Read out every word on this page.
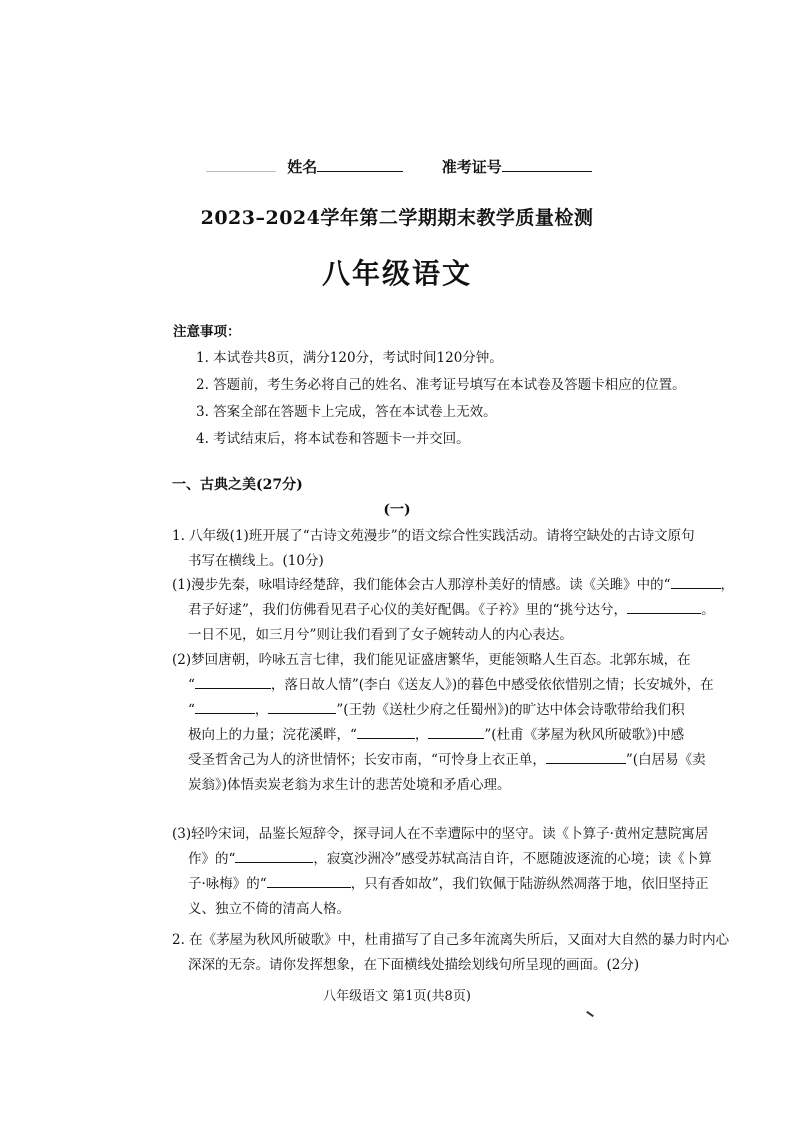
姓名	准考证号
2023–2024学年第二学期期末教学质量检测
八年级语文
注意事项：
1. 本试卷共8页，满分120分，考试时间120分钟。
2. 答题前，考生务必将自己的姓名、准考证号填写在本试卷及答题卡相应的位置。
3. 答案全部在答题卡上完成，答在本试卷上无效。
4. 考试结束后，将本试卷和答题卡一并交回。
一、古典之美(27分)
(一)
1. 八年级(1)班开展了“古诗文苑漫步”的语文综合性实践活动。请将空缺处的古诗文原句
书写在横线上。(10分)
(1)漫步先秦，咏唱诗经楚辞，我们能体会古人那淳朴美好的情感。读《关雎》中的“	，
君子好逑”，我们仿佛看见君子心仪的美好配偶。《子衿》里的“挑兮达兮，	。
一日不见，如三月兮”则让我们看到了女子婉转动人的内心表达。
(2)梦回唐朝，吟咏五言七律，我们能见证盛唐繁华，更能领略人生百态。北郭东城，在
“	，落日故人情”(李白《送友人》)的暮色中感受依依惜别之情；长安城外，在
“	，	”(王勃《送杜少府之任蜀州》)的旷达中体会诗歌带给我们积
极向上的力量；浣花溪畔，“	，	”(杜甫《茅屋为秋风所破歌》)中感
受圣哲舍己为人的济世情怀；长安市南，“可怜身上衣正单，	”(白居易《卖
炭翁》)体悟卖炭老翁为求生计的悲苦处境和矛盾心理。
(3)轻吟宋词，品鉴长短辞令，探寻词人在不幸遭际中的坚守。读《卜算子·黄州定慧院寓居
作》的“	，寂寞沙洲冷”感受苏轼高洁自许，不愿随波逐流的心境；读《卜算
子·咏梅》的“	，只有香如故”，我们钦佩于陆游纵然凋落于地，依旧坚持正
义、独立不倚的清高人格。
2. 在《茅屋为秋风所破歌》中，杜甫描写了自己多年流离失所后，又面对大自然的暴力时内心
深深的无奈。请你发挥想象，在下面横线处描绘划线句所呈现的画面。(2分)
八年级语文 第1页(共8页)
